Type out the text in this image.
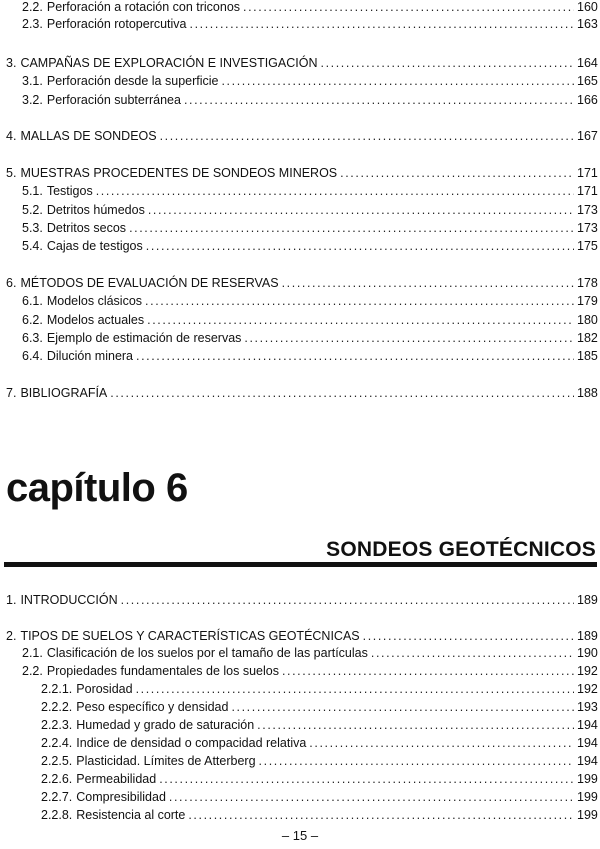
2.2. Perforación a rotación con triconos .....	160
2.3. Perforación rotopercutiva .....	163
3. CAMPAÑAS DE EXPLORACIÓN E INVESTIGACIÓN .....	164
3.1. Perforación desde la superficie .....	165
3.2. Perforación subterránea .....	166
4. MALLAS DE SONDEOS .....	167
5. MUESTRAS PROCEDENTES DE SONDEOS MINEROS .....	171
5.1. Testigos .....	171
5.2. Detritos húmedos .....	173
5.3. Detritos secos .....	173
5.4. Cajas de testigos .....	175
6. MÉTODOS DE EVALUACIÓN DE RESERVAS .....	178
6.1. Modelos clásicos .....	179
6.2. Modelos actuales .....	180
6.3. Ejemplo de estimación de reservas .....	182
6.4. Dilución minera .....	185
7. BIBLIOGRAFÍA .....	188
capítulo 6
SONDEOS GEOTÉCNICOS
1. INTRODUCCIÓN .....	189
2. TIPOS DE SUELOS Y CARACTERÍSTICAS GEOTÉCNICAS .....	189
2.1. Clasificación de los suelos por el tamaño de las partículas .....	190
2.2. Propiedades fundamentales de los suelos .....	192
2.2.1. Porosidad .....	192
2.2.2. Peso específico y densidad .....	193
2.2.3. Humedad y grado de saturación .....	194
2.2.4. Indice de densidad o compacidad relativa .....	194
2.2.5. Plasticidad. Límites de Atterberg .....	194
2.2.6. Permeabilidad .....	199
2.2.7. Compresibilidad .....	199
2.2.8. Resistencia al corte .....	199
– 15 –
